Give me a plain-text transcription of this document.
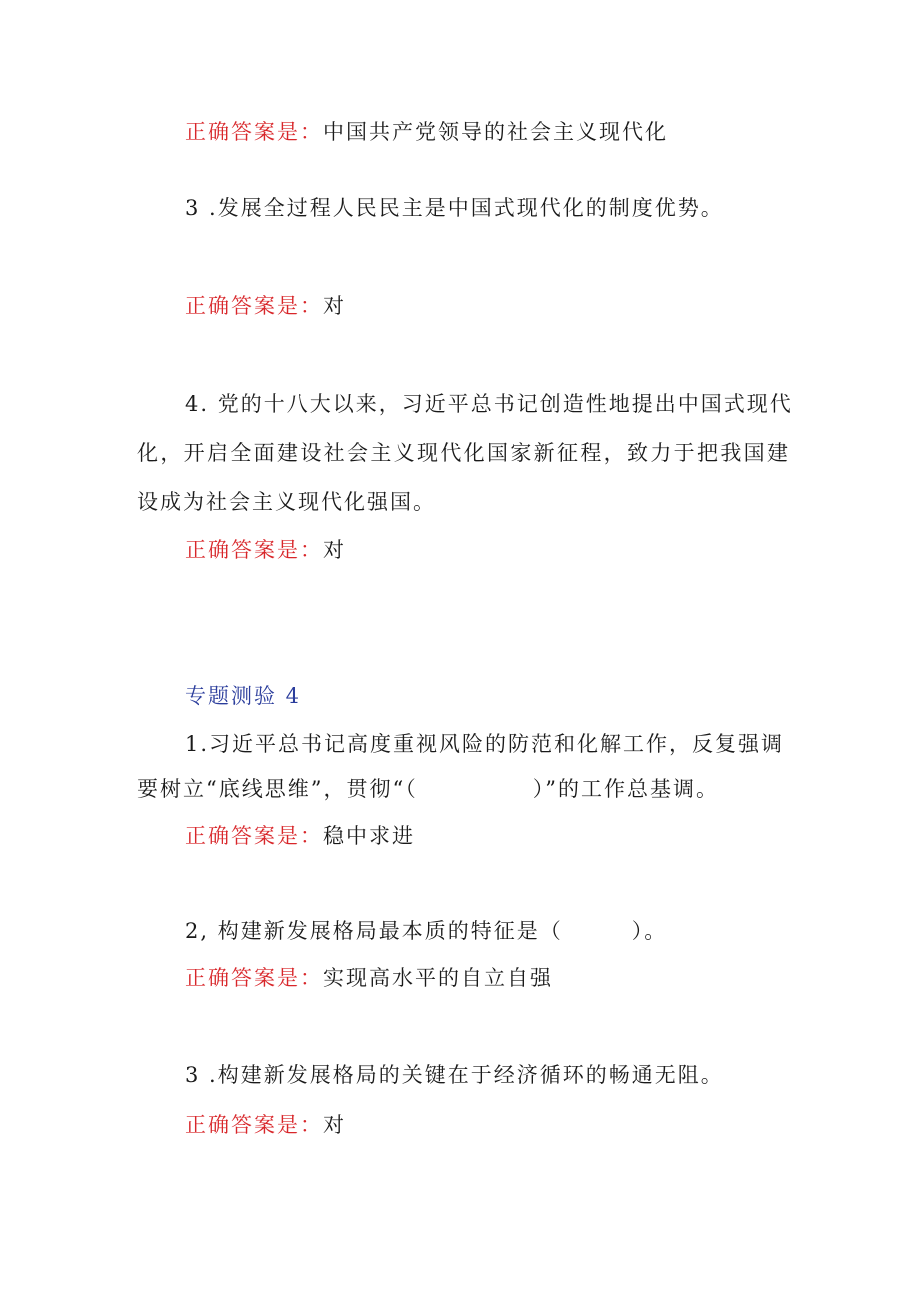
正确答案是：中国共产党领导的社会主义现代化
3 .发展全过程人民民主是中国式现代化的制度优势。
正确答案是：对
4. 党的十八大以来，习近平总书记创造性地提出中国式现代
化，开启全面建设社会主义现代化国家新征程，致力于把我国建
设成为社会主义现代化强国。
正确答案是：对
专题测验 4
1.习近平总书记高度重视风险的防范和化解工作，反复强调
要树立“底线思维”，贯彻“（　　　　　）”的工作总基调。
正确答案是：稳中求进
2, 构建新发展格局最本质的特征是（　　　）。
正确答案是：实现高水平的自立自强
3 .构建新发展格局的关键在于经济循环的畅通无阻。
正确答案是：对
